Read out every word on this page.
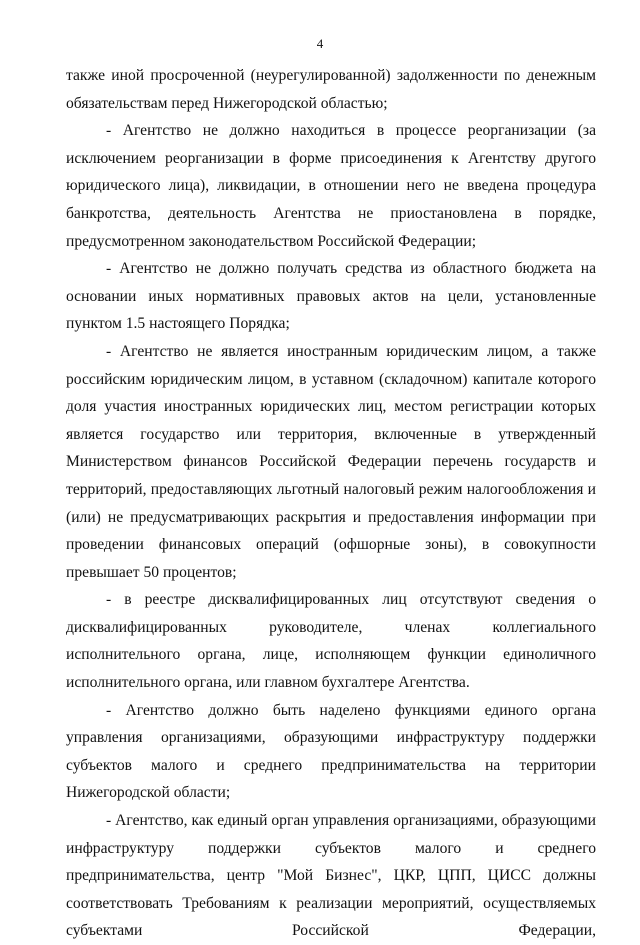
4

также иной просроченной (неурегулированной) задолженности по денежным обязательствам перед Нижегородской областью;

- Агентство не должно находиться в процессе реорганизации (за исключением реорганизации в форме присоединения к Агентству другого юридического лица), ликвидации, в отношении него не введена процедура банкротства, деятельность Агентства не приостановлена в порядке, предусмотренном законодательством Российской Федерации;

- Агентство не должно получать средства из областного бюджета на основании иных нормативных правовых актов на цели, установленные пунктом 1.5 настоящего Порядка;

- Агентство не является иностранным юридическим лицом, а также российским юридическим лицом, в уставном (складочном) капитале которого доля участия иностранных юридических лиц, местом регистрации которых является государство или территория, включенные в утвержденный Министерством финансов Российской Федерации перечень государств и территорий, предоставляющих льготный налоговый режим налогообложения и (или) не предусматривающих раскрытия и предоставления информации при проведении финансовых операций (офшорные зоны), в совокупности превышает 50 процентов;

- в реестре дисквалифицированных лиц отсутствуют сведения о дисквалифицированных руководителе, членах коллегиального исполнительного органа, лице, исполняющем функции единоличного исполнительного органа, или главном бухгалтере Агентства.

- Агентство должно быть наделено функциями единого органа управления организациями, образующими инфраструктуру поддержки субъектов малого и среднего предпринимательства на территории Нижегородской области;

- Агентство, как единый орган управления организациями, образующими инфраструктуру поддержки субъектов малого и среднего предпринимательства, центр "Мой Бизнес", ЦКР, ЦПП, ЦИСС должны соответствовать Требованиям к реализации мероприятий, осуществляемых субъектами Российской Федерации,
